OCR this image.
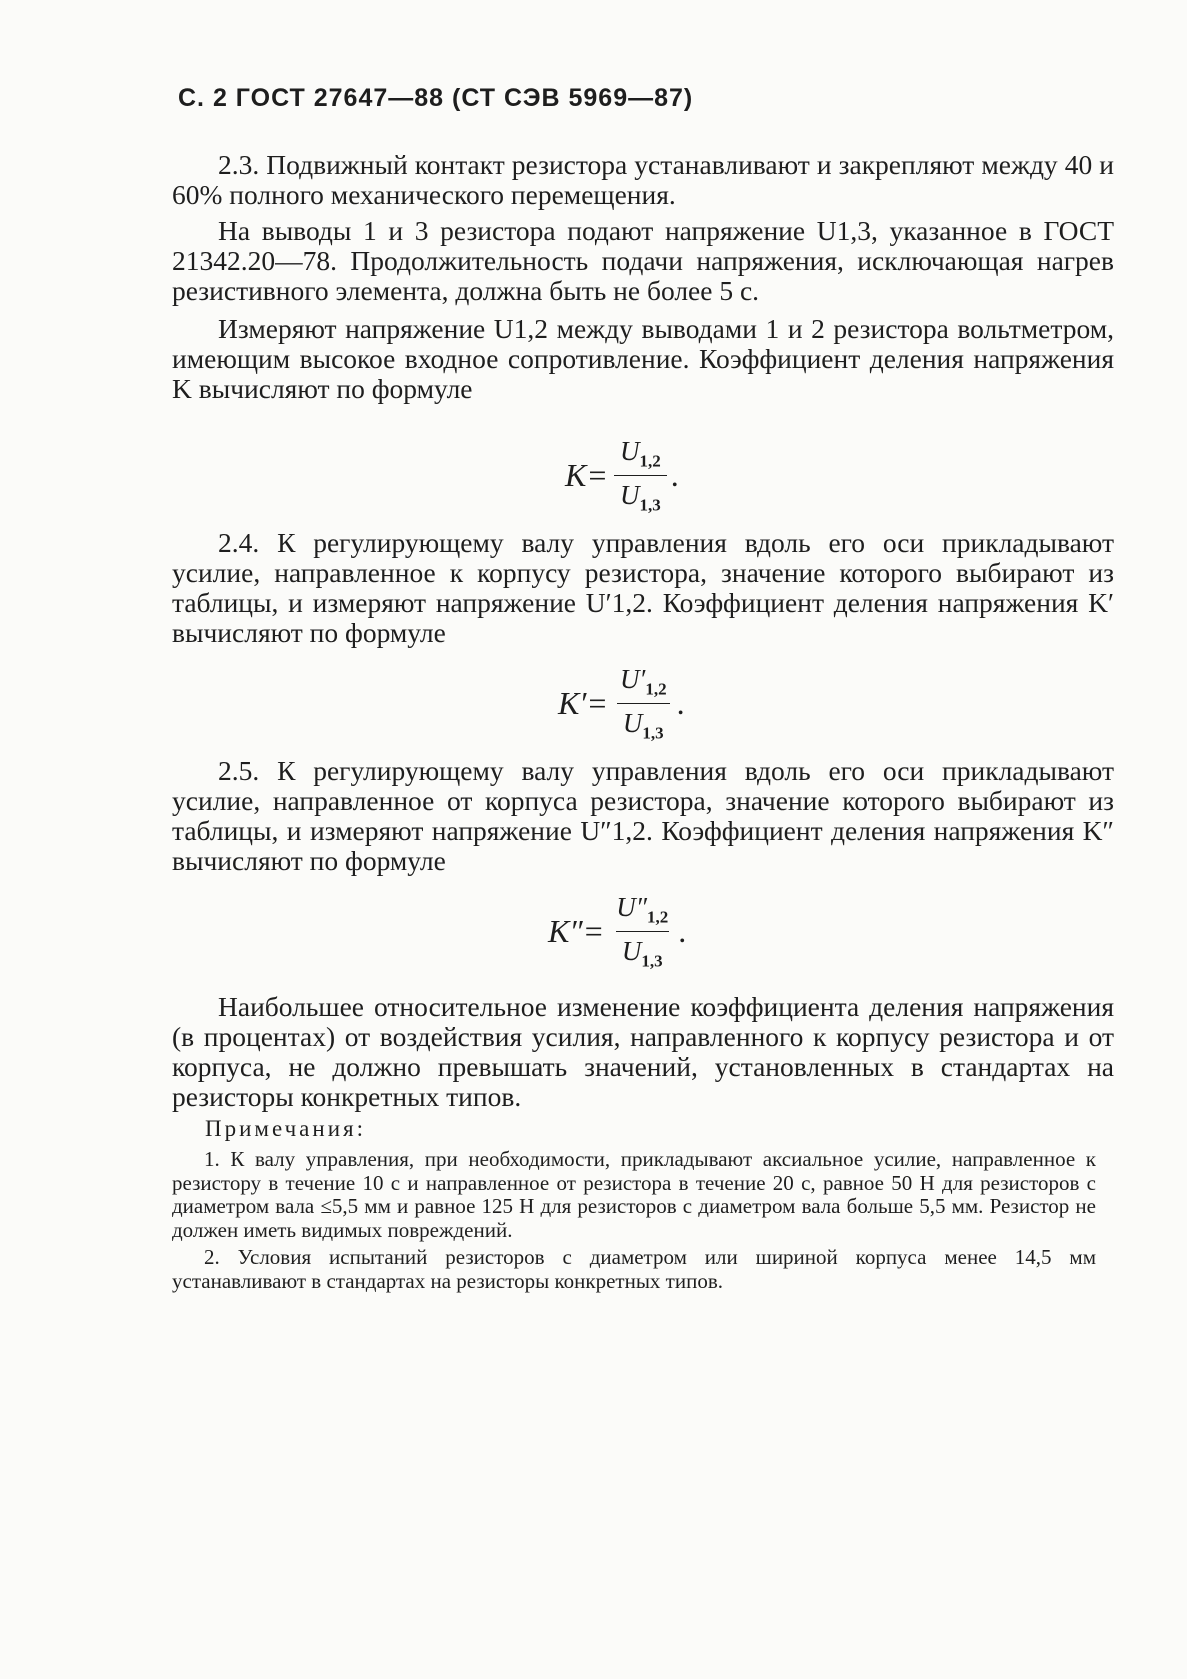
С. 2 ГОСТ 27647—88 (СТ СЭВ 5969—87)

2.3. Подвижный контакт резистора устанавливают и закрепляют между 40 и 60% полного механического перемещения.

На выводы 1 и 3 резистора подают напряжение U1,3, указанное в ГОСТ 21342.20—78. Продолжительность подачи напряжения, исключающая нагрев резистивного элемента, должна быть не более 5 с.

Измеряют напряжение U1,2 между выводами 1 и 2 резистора вольтметром, имеющим высокое входное сопротивление. Коэффициент деления напряжения K вычисляют по формуле

$K= \frac{U_{1,2}}{U_{1,3}}$ .

2.4. К регулирующему валу управления вдоль его оси прикладывают усилие, направленное к корпусу резистора, значение которого выбирают из таблицы, и измеряют напряжение U′1,2. Коэффициент деления напряжения K′ вычисляют по формуле

$K'= \frac{U'_{1,2}}{U_{1,3}}$ .

2.5. К регулирующему валу управления вдоль его оси прикладывают усилие, направленное от корпуса резистора, значение которого выбирают из таблицы, и измеряют напряжение U″1,2. Коэффициент деления напряжения K″ вычисляют по формуле

$K''= \frac{U''_{1,2}}{U_{1,3}}$ .

Наибольшее относительное изменение коэффициента деления напряжения (в процентах) от воздействия усилия, направленного к корпусу резистора и от корпуса, не должно превышать значений, установленных в стандартах на резисторы конкретных типов.

Примечания:

1. К валу управления, при необходимости, прикладывают аксиальное усилие, направленное к резистору в течение 10 с и направленное от резистора в течение 20 с, равное 50 Н для резисторов с диаметром вала ≤5,5 мм и равное 125 Н для резисторов с диаметром вала больше 5,5 мм. Резистор не должен иметь видимых повреждений.

2. Условия испытаний резисторов с диаметром или шириной корпуса менее 14,5 мм устанавливают в стандартах на резисторы конкретных типов.
